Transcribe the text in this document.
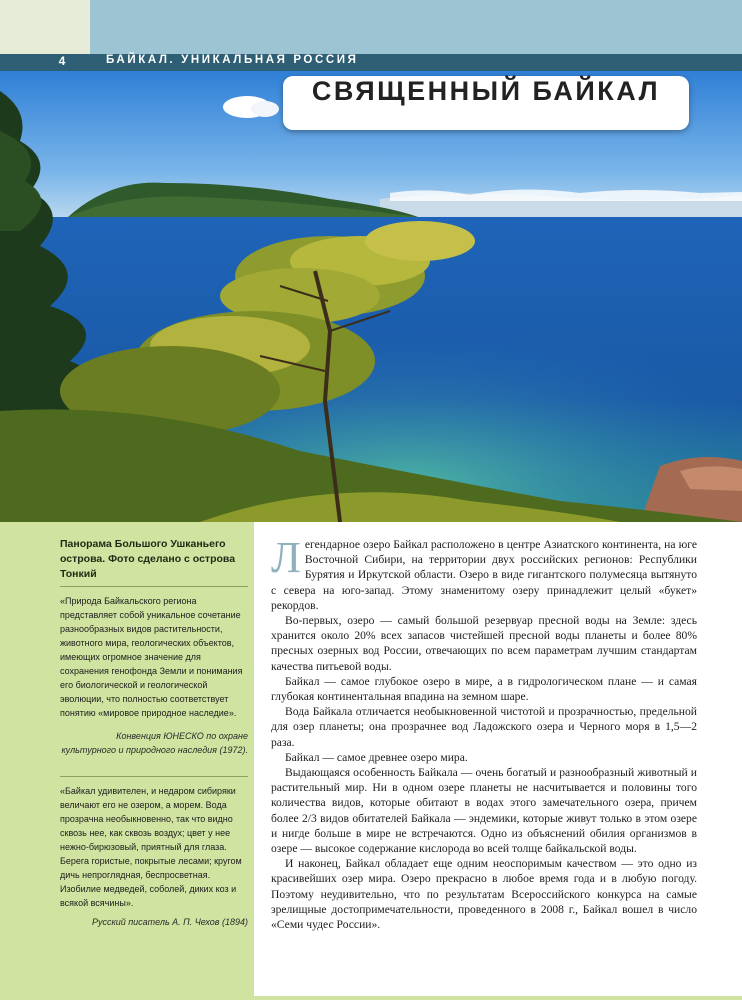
4	БАЙКАЛ. УНИКАЛЬНАЯ РОССИЯ
СВЯЩЕННЫЙ БАЙКАЛ
Панорама Большого Ушканьего острова. Фото сделано с острова Тонкий
«Природа Байкальского региона представляет собой уникальное сочетание разнообразных видов растительности, животного мира, геологических объектов, имеющих огромное значение для сохранения генофонда Земли и понимания его биологической и геологической эволюции, что полностью соответствует понятию «мировое природное наследие».
Конвенция ЮНЕСКО по охране культурного и природного наследия (1972).
«Байкал удивителен, и недаром сибиряки величают его не озером, а морем. Вода прозрачна необыкновенно, так что видно сквозь нее, как сквозь воздух; цвет у нее нежно-бирюзовый, приятный для глаза. Берега гористые, покрытые лесами; кругом дичь непроглядная, беспросветная. Изобилие медведей, соболей, диких коз и всякой всячины».
Русский писатель А. П. Чехов (1894)

Легендарное озеро Байкал расположено в центре Азиатского континента, на юге Восточной Сибири, на территории двух российских регионов: Республики Бурятия и Иркутской области. Озеро в виде гигантского полумесяца вытянуто с севера на юго-запад. Этому знаменитому озеру принадлежит целый «букет» рекордов.

Во-первых, озеро — самый большой резервуар пресной воды на Земле: здесь хранится около 20% всех запасов чистейшей пресной воды планеты и более 80% пресных озерных вод России, отвечающих по всем параметрам лучшим стандартам качества питьевой воды.

Байкал — самое глубокое озеро в мире, а в гидрологическом плане — и самая глубокая континентальная впадина на земном шаре.

Вода Байкала отличается необыкновенной чистотой и прозрачностью, предельной для озер планеты; она прозрачнее вод Ладожского озера и Черного моря в 1,5—2 раза.

Байкал — самое древнее озеро мира.

Выдающаяся особенность Байкала — очень богатый и разнообразный животный и растительный мир. Ни в одном озере планеты не насчитывается и половины того количества видов, которые обитают в водах этого замечательного озера, причем более 2/3 видов обитателей Байкала — эндемики, которые живут только в этом озере и нигде больше в мире не встречаются. Одно из объяснений обилия организмов в озере — высокое содержание кислорода во всей толще байкальской воды.

И наконец, Байкал обладает еще одним неоспоримым качеством — это одно из красивейших озер мира. Озеро прекрасно в любое время года и в любую погоду. Поэтому неудивительно, что по результатам Всероссийского конкурса на самые зрелищные достопримечательности, проведенного в 2008 г., Байкал вошел в число «Семи чудес России».
